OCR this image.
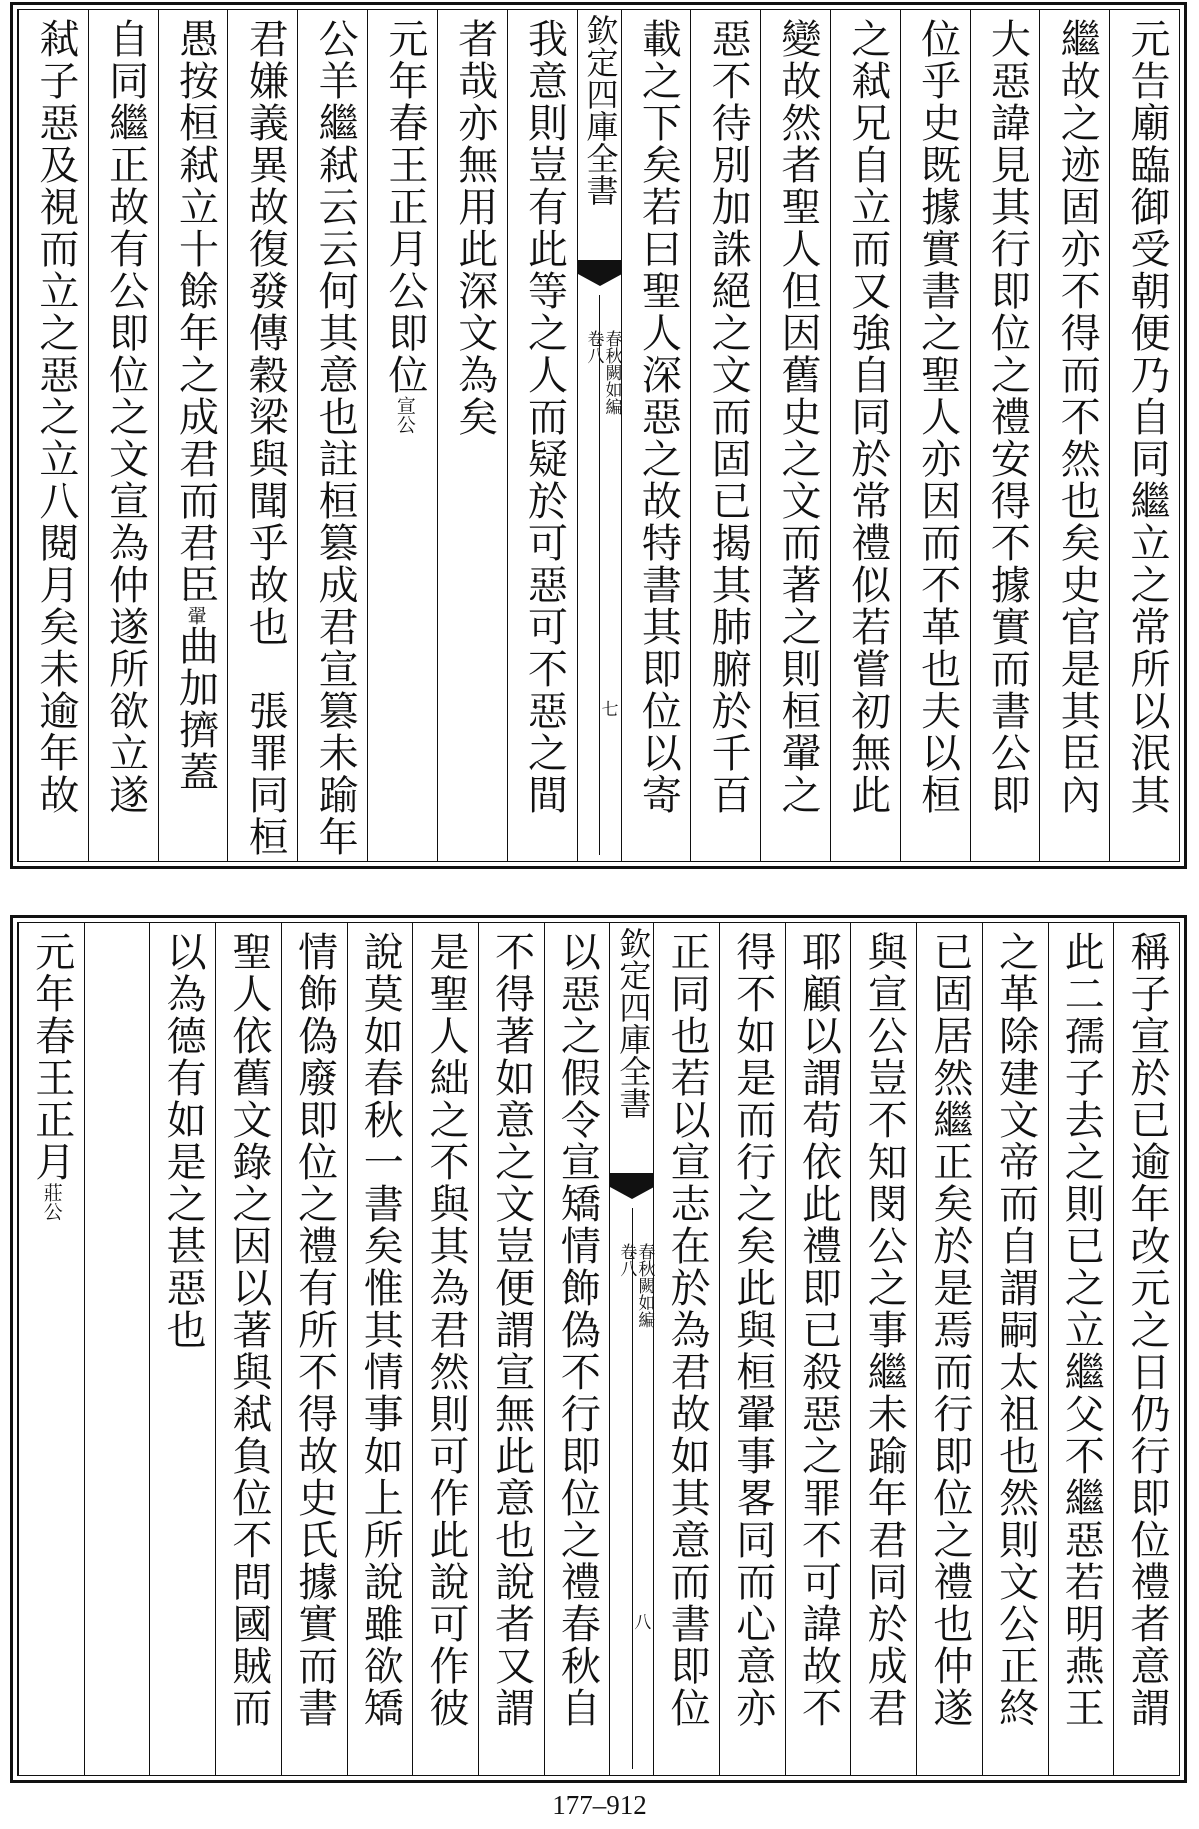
元告廟臨御受朝便乃自同繼立之常所以泯其
繼故之迹固亦不得而不然也矣史官是其臣內
大惡諱見其行即位之禮安得不據實而書公即
位乎史既據實書之聖人亦因而不革也夫以桓
之弒兄自立而又強自同於常禮似若嘗初無此
變故然者聖人但因舊史之文而著之則桓翬之
惡不待別加誅絕之文而固已揭其肺腑於千百
載之下矣若曰聖人深惡之故特書其即位以寄
欽定四庫全書
春秋闕如編
卷八
七
我意則豈有此等之人而疑於可惡可不惡之間
者哉亦無用此深文為矣
元年春王正月公即位宣公
公羊繼弒云云何其意也註桓篡成君宣篡未踰年
君嫌義異故復發傳穀梁與聞乎故也　張罪同桓
愚按桓弒立十餘年之成君而君臣翬曲加擠蓋
自同繼正故有公即位之文宣為仲遂所欲立遂
弒子惡及視而立之惡之立八閱月矣未逾年故
稱子宣於已逾年改元之日仍行即位禮者意謂
此二孺子去之則已之立繼父不繼惡若明燕王
之革除建文帝而自謂嗣太祖也然則文公正終
已固居然繼正矣於是焉而行即位之禮也仲遂
與宣公豈不知閔公之事繼未踰年君同於成君
耶顧以謂苟依此禮即已殺惡之罪不可諱故不
得不如是而行之矣此與桓翬事畧同而心意亦
正同也若以宣志在於為君故如其意而書即位
欽定四庫全書
春秋闕如編
卷八
八
以惡之假令宣矯情飾偽不行即位之禮春秋自
不得著如意之文豈便謂宣無此意也說者又謂
是聖人絀之不與其為君然則可作此說可作彼
說莫如春秋一書矣惟其情事如上所說雖欲矯
情飾偽廢即位之禮有所不得故史氏據實而書
聖人依舊文錄之因以著與弒負位不問國賊而
以為德有如是之甚惡也
元年春王正月莊公
177–912
